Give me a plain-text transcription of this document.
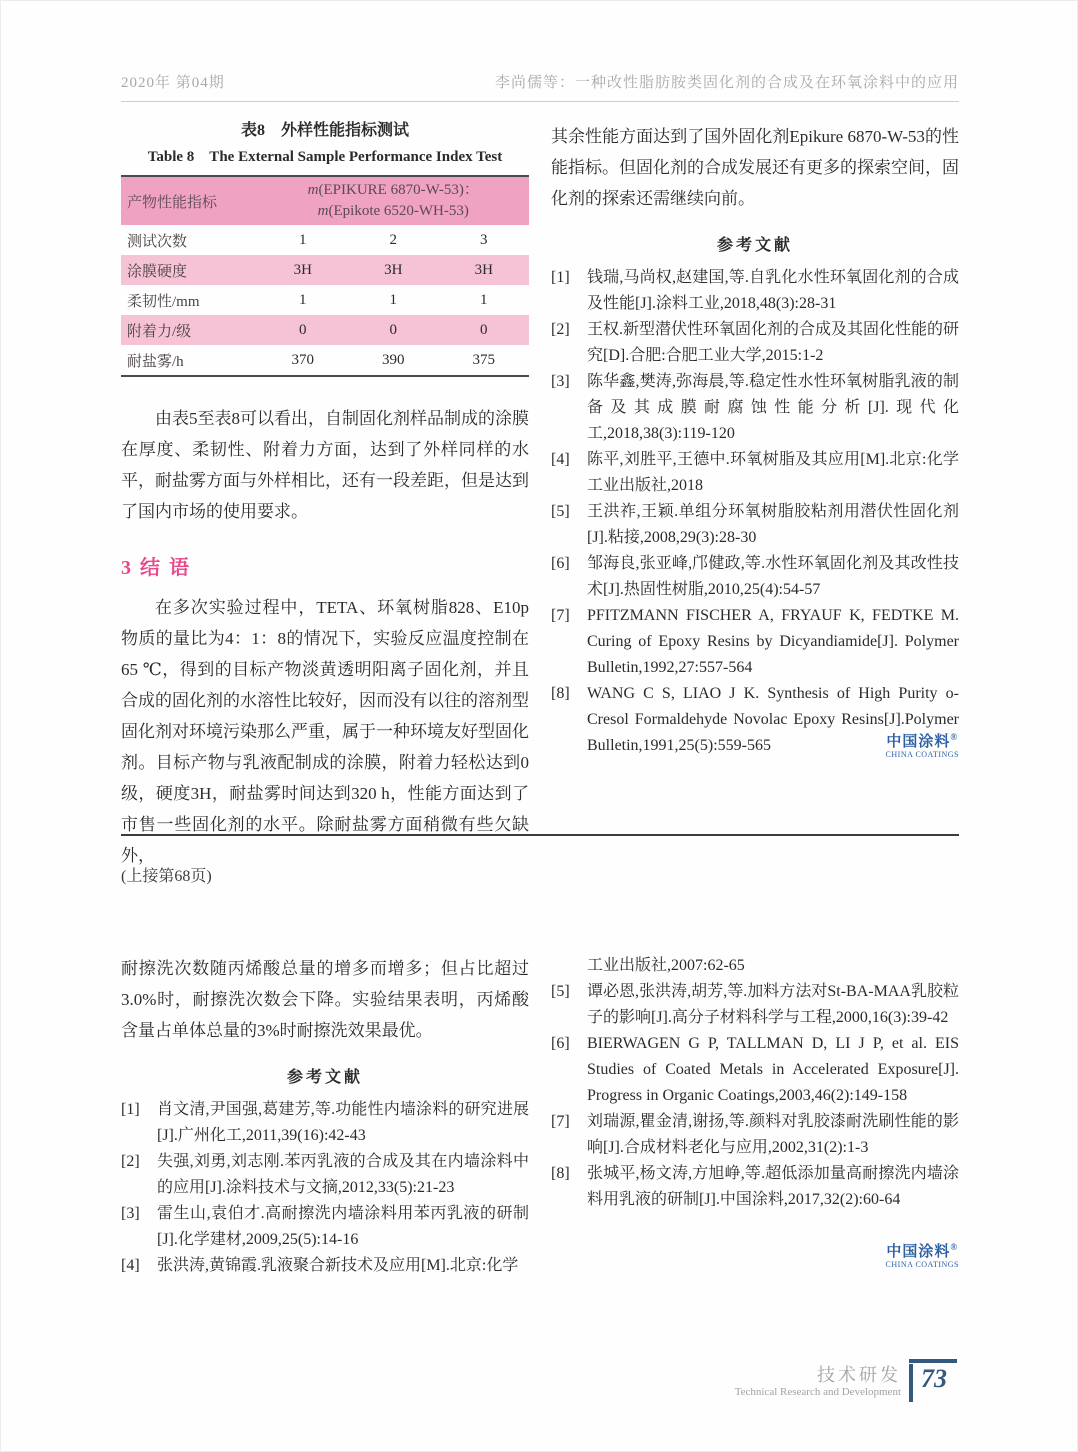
2020年 第04期	李尚儒等：一种改性脂肪胺类固化剂的合成及在环氧涂料中的应用
表8　外样性能指标测试
Table 8　The External Sample Performance Index Test
产物性能指标	m(EPIKURE 6870-W-53)：
m(Epikote 6520-WH-53)		

测试次数	1	2	3
涂膜硬度	3H	3H	3H
柔韧性/mm	1	1	1
附着力/级	0	0	0
耐盐雾/h	370	390	375

由表5至表8可以看出，自制固化剂样品制成的涂膜在厚度、柔韧性、附着力方面，达到了外样同样的水平，耐盐雾方面与外样相比，还有一段差距，但是达到了国内市场的使用要求。

3 结 语

在多次实验过程中，TETA、环氧树脂828、E10p物质的量比为4：1：8的情况下，实验反应温度控制在65 ℃，得到的目标产物淡黄透明阳离子固化剂，并且合成的固化剂的水溶性比较好，因而没有以往的溶剂型固化剂对环境污染那么严重，属于一种环境友好型固化剂。目标产物与乳液配制成的涂膜，附着力轻松达到0级，硬度3H，耐盐雾时间达到320 h，性能方面达到了市售一些固化剂的水平。除耐盐雾方面稍微有些欠缺外，

其余性能方面达到了国外固化剂Epikure 6870-W-53的性能指标。但固化剂的合成发展还有更多的探索空间，固化剂的探索还需继续向前。

参考文献
[1]	钱瑞,马尚权,赵建国,等.自乳化水性环氧固化剂的合成及性能[J].涂料工业,2018,48(3):28-31
[2]	王权.新型潜伏性环氧固化剂的合成及其固化性能的研究[D].合肥:合肥工业大学,2015:1-2
[3]	陈华鑫,樊涛,弥海晨,等.稳定性水性环氧树脂乳液的制备及其成膜耐腐蚀性能分析[J].现代化工,2018,38(3):119-120
[4]	陈平,刘胜平,王德中.环氧树脂及其应用[M].北京:化学工业出版社,2018
[5]	王洪祚,王颖.单组分环氧树脂胶粘剂用潜伏性固化剂[J].粘接,2008,29(3):28-30
[6]	邹海良,张亚峰,邝健政,等.水性环氧固化剂及其改性技术[J].热固性树脂,2010,25(4):54-57
[7]	PFITZMANN FISCHER A, FRYAUF K, FEDTKE M. Curing of Epoxy Resins by Dicyandiamide[J]. Polymer Bulletin,1992,27:557-564
[8]	WANG C S, LIAO J K. Synthesis of High Purity o-Cresol Formaldehyde Novolac Epoxy Resins[J].Polymer Bulletin,1991,25(5):559-565	中国涂料®
CHINA COATINGS
(上接第68页)

耐擦洗次数随丙烯酸总量的增多而增多；但占比超过3.0%时，耐擦洗次数会下降。实验结果表明，丙烯酸含量占单体总量的3%时耐擦洗效果最优。

参考文献
[1]	肖文清,尹国强,葛建芳,等.功能性内墙涂料的研究进展[J].广州化工,2011,39(16):42-43
[2]	失强,刘勇,刘志刚.苯丙乳液的合成及其在内墙涂料中的应用[J].涂料技术与文摘,2012,33(5):21-23
[3]	雷生山,袁伯才.高耐擦洗内墙涂料用苯丙乳液的研制[J].化学建材,2009,25(5):14-16
[4]	张洪涛,黄锦霞.乳液聚合新技术及应用[M].北京:化学
工业出版社,2007:62-65
[5]	谭必恩,张洪涛,胡芳,等.加料方法对St-BA-MAA乳胶粒子的影响[J].高分子材料科学与工程,2000,16(3):39-42
[6]	BIERWAGEN G P, TALLMAN D, LI J P, et al. EIS Studies of Coated Metals in Accelerated Exposure[J]. Progress in Organic Coatings,2003,46(2):149-158
[7]	刘瑞源,瞿金清,谢扬,等.颜料对乳胶漆耐洗刷性能的影响[J].合成材料老化与应用,2002,31(2):1-3
[8]	张城平,杨文涛,方旭峥,等.超低添加量高耐擦洗内墙涂料用乳液的研制[J].中国涂料,2017,32(2):60-64
中国涂料®
CHINA COATINGS
技术研发
Technical Research and Development 73
